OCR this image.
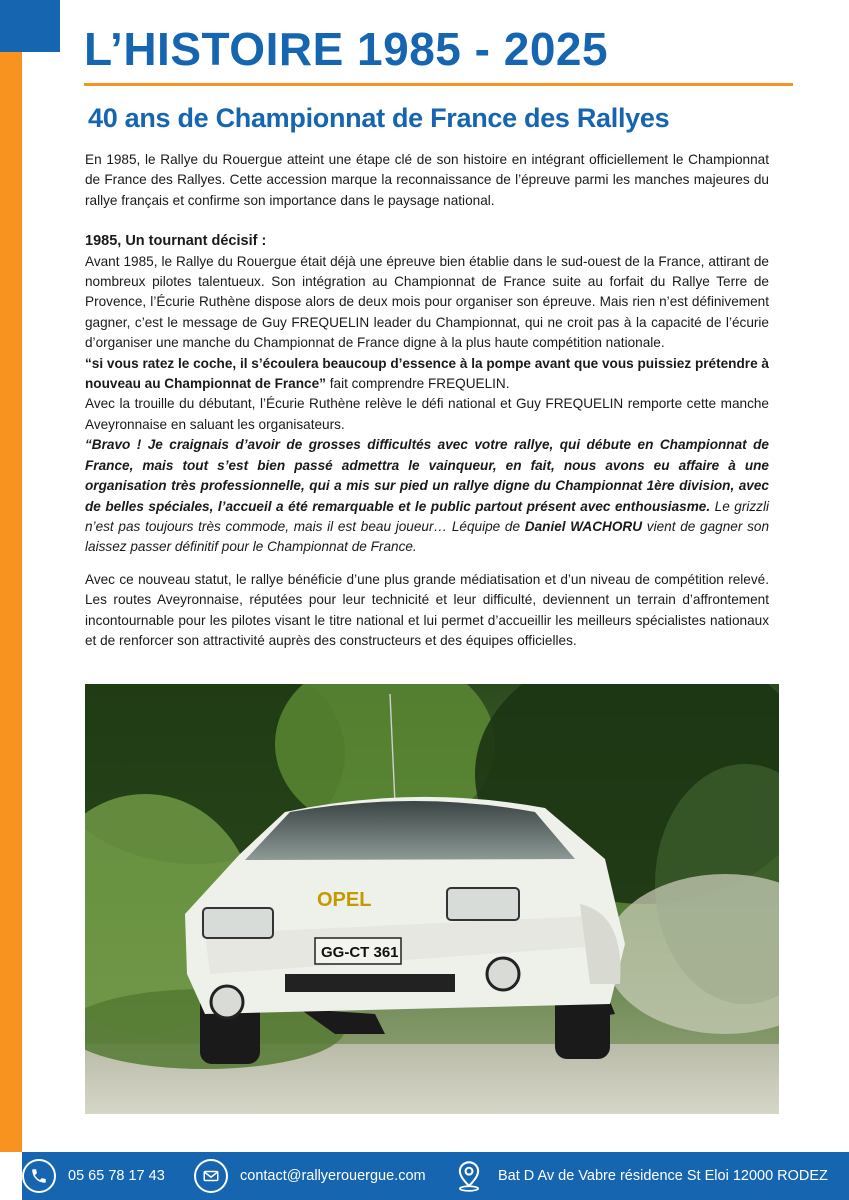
L’HISTOIRE 1985 - 2025
40 ans de Championnat de France des Rallyes

En 1985, le Rallye du Rouergue atteint une étape clé de son histoire en intégrant officiellement le Championnat de France des Rallyes. Cette accession marque la reconnaissance de l’épreuve parmi les manches majeures du rallye français et confirme son importance dans le paysage national.

1985, Un tournant décisif :

Avant 1985, le Rallye du Rouergue était déjà une épreuve bien établie dans le sud-ouest de la France, attirant de nombreux pilotes talentueux. Son intégration au Championnat de France suite au forfait du Rallye Terre de Provence, l’Écurie Ruthène dispose alors de deux mois pour organiser son épreuve. Mais rien n’est définivement gagner, c’est le message de Guy FREQUELIN leader du Championnat, qui ne croit pas à la capacité de l’écurie d’organiser une manche du Championnat de France digne à la plus haute compétition nationale.

“si vous ratez le coche, il s’écoulera beaucoup d’essence à la pompe avant que vous puissiez prétendre à nouveau au Championnat de France” fait comprendre FREQUELIN.

Avec la trouille du débutant, l’Écurie Ruthène relève le défi national et Guy FREQUELIN remporte cette manche Aveyronnaise en saluant les organisateurs.

“Bravo ! Je craignais d’avoir de grosses difficultés avec votre rallye, qui débute en Championnat de France, mais tout s’est bien passé admettra le vainqueur, en fait, nous avons eu affaire à une organisation très professionnelle, qui a mis sur pied un rallye digne du Championnat 1ère division, avec de belles spéciales, l’accueil a été remarquable et le public partout présent avec enthousiasme. Le grizzli n’est pas toujours très commode, mais il est beau joueur… Léquipe de Daniel WACHORU vient de gagner son laissez passer définitif pour le Championnat de France.

Avec ce nouveau statut, le rallye bénéficie d’une plus grande médiatisation et d’un niveau de compétition relevé. Les routes Aveyronnaise, réputées pour leur technicité et leur difficulté, deviennent un terrain d’affrontement incontournable pour les pilotes visant le titre national et lui permet d’accueillir les meilleurs spécialistes nationaux et de renforcer son attractivité auprès des constructeurs et des équipes officielles.

OPEL
GG-CT 361
05 65 78 17 43	contact@rallyerouergue.com	Bat D Av de Vabre résidence St Eloi 12000 RODEZ
